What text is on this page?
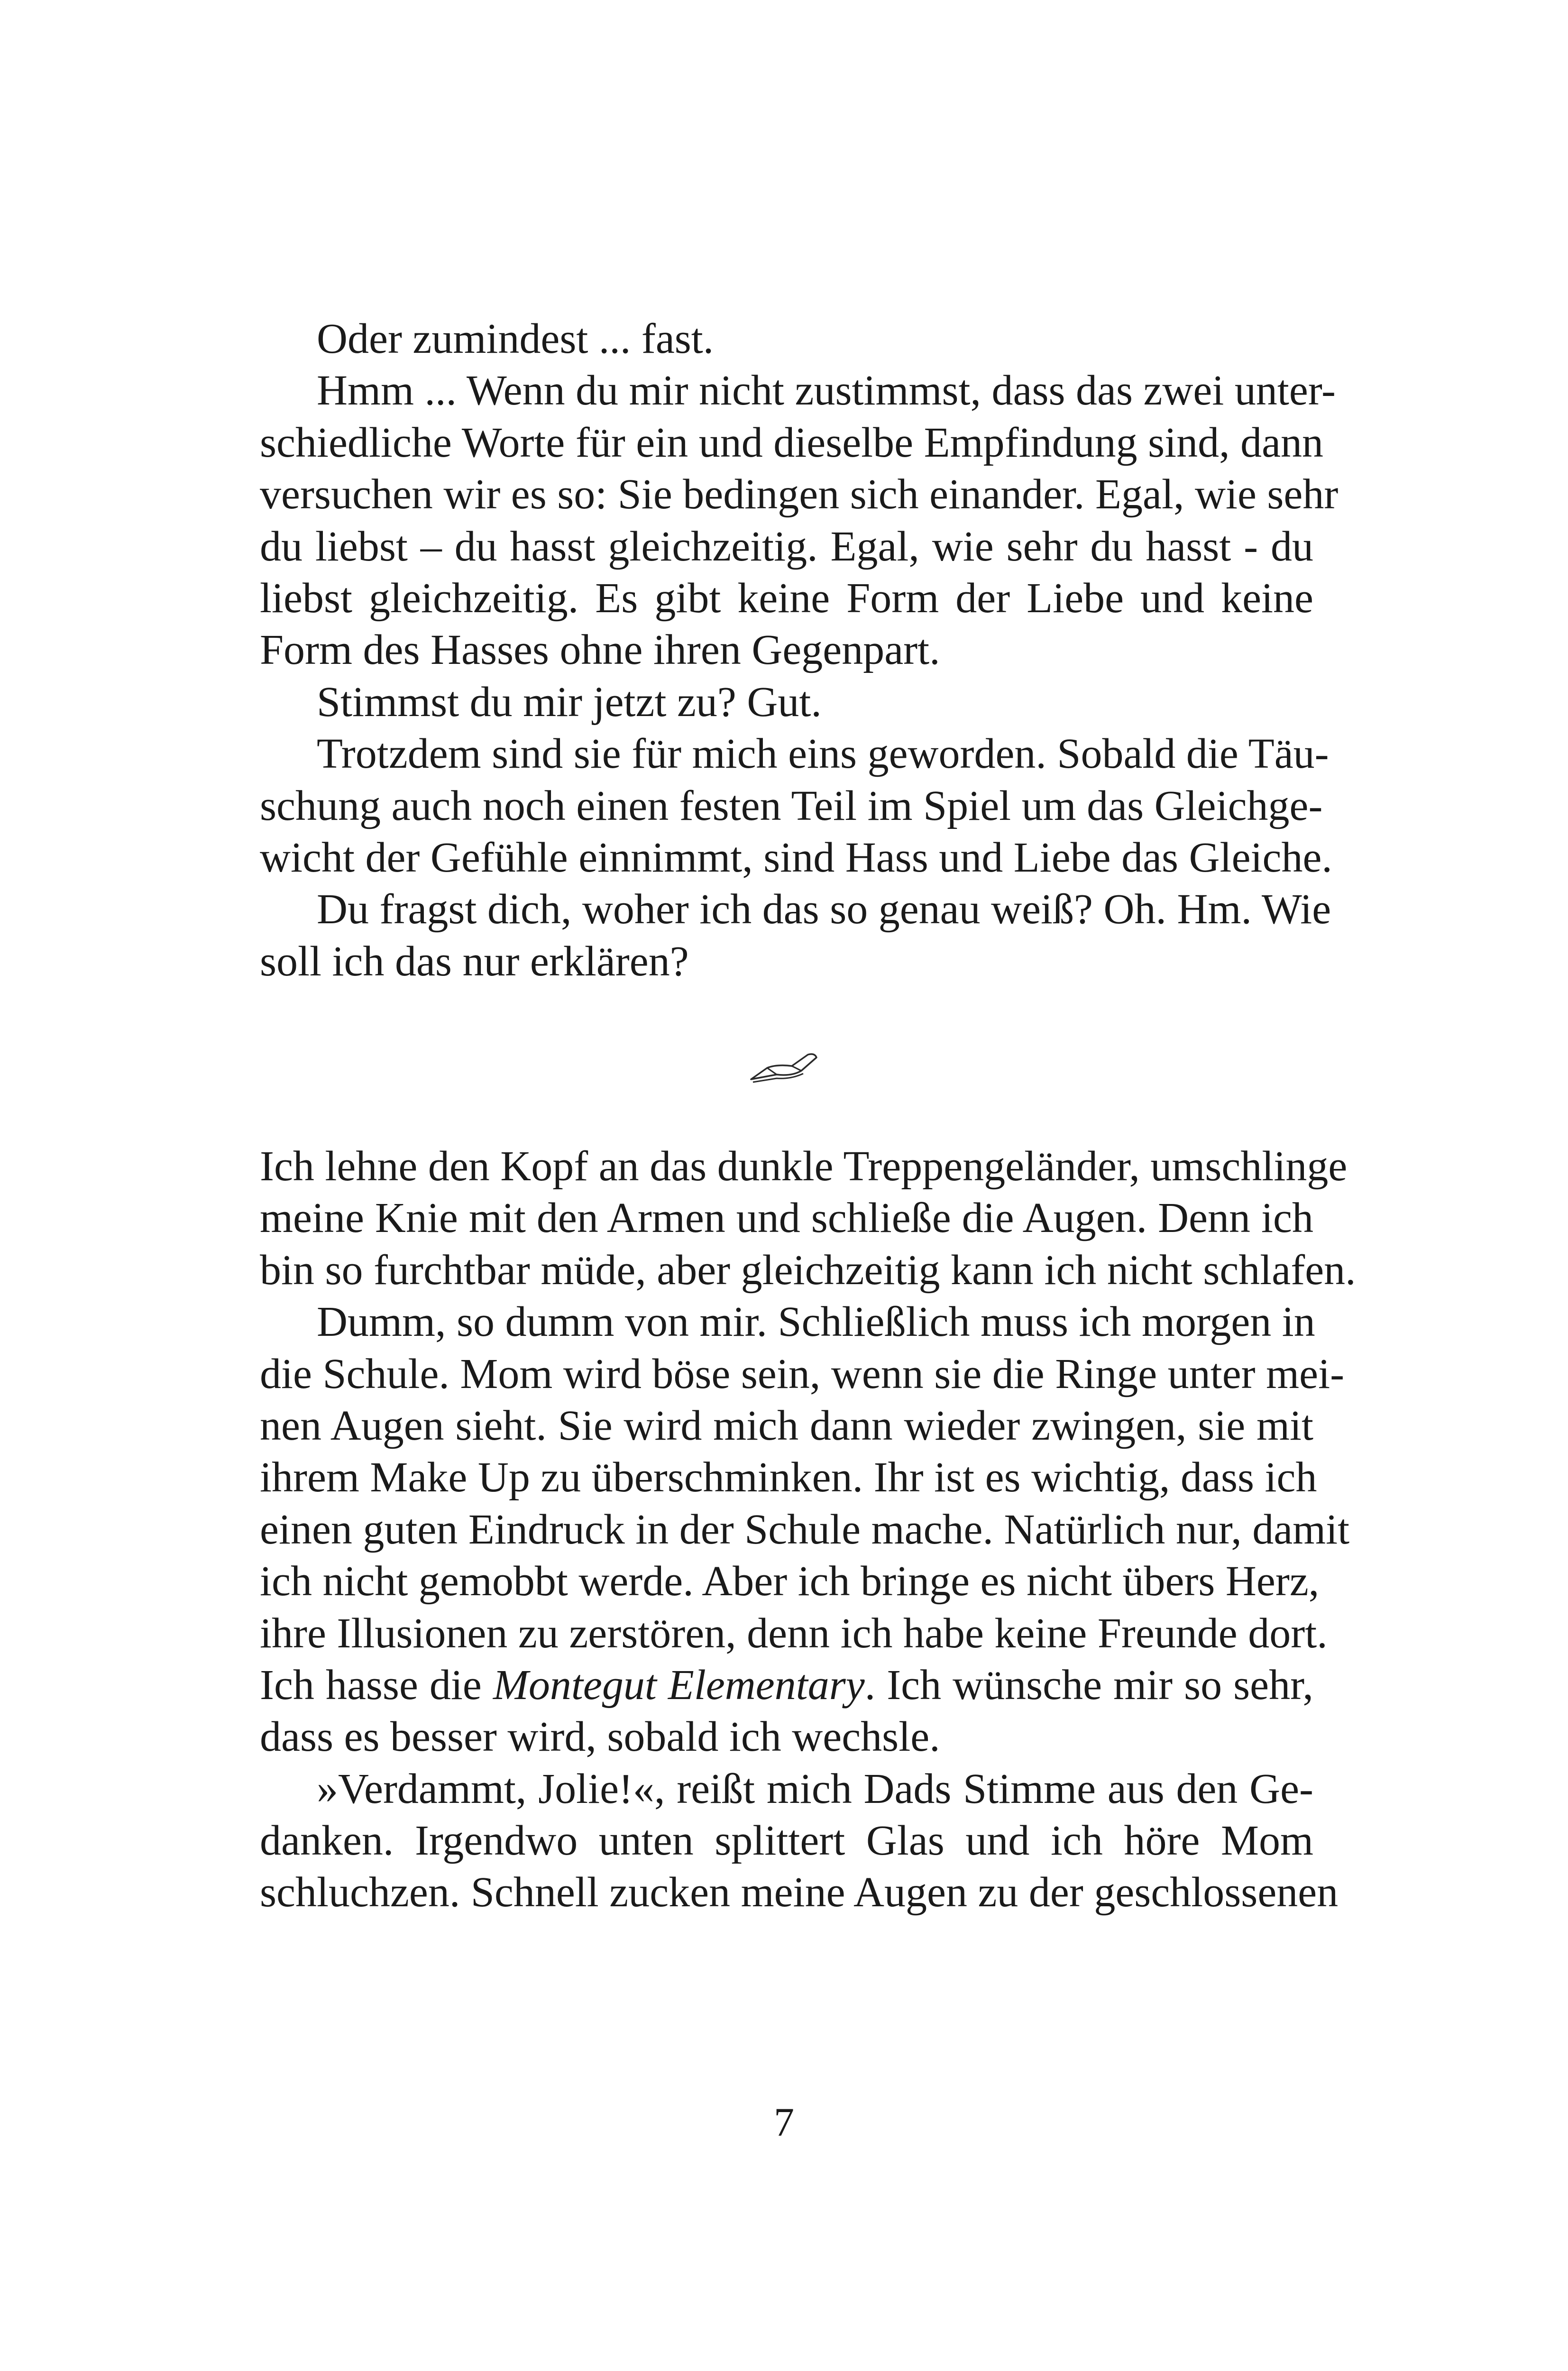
Oder zumindest ... fast.
Hmm ... Wenn du mir nicht zustimmst, dass das zwei unter-
schiedliche Worte für ein und dieselbe Empfindung sind, dann
versuchen wir es so: Sie bedingen sich einander. Egal, wie sehr
du liebst – du hasst gleichzeitig. Egal, wie sehr du hasst - du
liebst gleichzeitig. Es gibt keine Form der Liebe und keine
Form des Hasses ohne ihren Gegenpart.
Stimmst du mir jetzt zu? Gut.
Trotzdem sind sie für mich eins geworden. Sobald die Täu-
schung auch noch einen festen Teil im Spiel um das Gleichge-
wicht der Gefühle einnimmt, sind Hass und Liebe das Gleiche.
Du fragst dich, woher ich das so genau weiß? Oh. Hm. Wie
soll ich das nur erklären?
Ich lehne den Kopf an das dunkle Treppengeländer, umschlinge
meine Knie mit den Armen und schließe die Augen. Denn ich
bin so furchtbar müde, aber gleichzeitig kann ich nicht schlafen.
Dumm, so dumm von mir. Schließlich muss ich morgen in
die Schule. Mom wird böse sein, wenn sie die Ringe unter mei-
nen Augen sieht. Sie wird mich dann wieder zwingen, sie mit
ihrem Make Up zu überschminken. Ihr ist es wichtig, dass ich
einen guten Eindruck in der Schule mache. Natürlich nur, damit
ich nicht gemobbt werde. Aber ich bringe es nicht übers Herz,
ihre Illusionen zu zerstören, denn ich habe keine Freunde dort.
Ich hasse die Montegut Elementary. Ich wünsche mir so sehr,
dass es besser wird, sobald ich wechsle.
»Verdammt, Jolie!«, reißt mich Dads Stimme aus den Ge-
danken. Irgendwo unten splittert Glas und ich höre Mom
schluchzen. Schnell zucken meine Augen zu der geschlossenen
7
